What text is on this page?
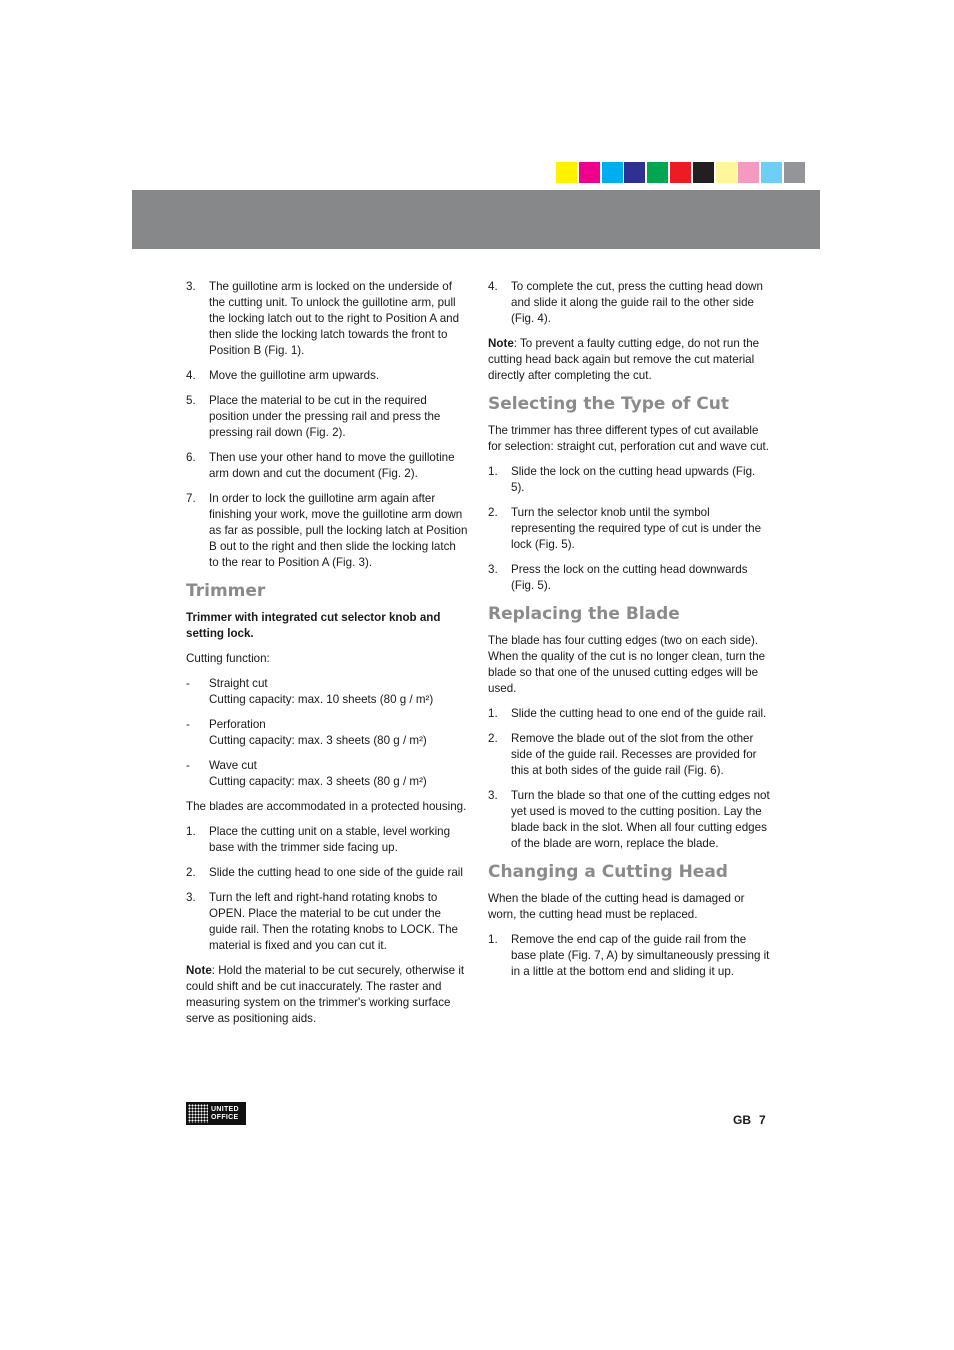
3.	The guillotine arm is locked on the underside of the cutting unit. To unlock the guillotine arm, pull the locking latch out to the right to Position A and then slide the locking latch towards the front to Position B (Fig. 1).
4.	Move the guillotine arm upwards.
5.	Place the material to be cut in the required position under the pressing rail and press the pressing rail down (Fig. 2).
6.	Then use your other hand to move the guillotine arm down and cut the document (Fig. 2).
7.	In order to lock the guillotine arm again after finishing your work, move the guillotine arm down as far as possible, pull the locking latch at Position B out to the right and then slide the locking latch to the rear to Position A (Fig. 3).
Trimmer

Trimmer with integrated cut selector knob and setting lock.

Cutting function:

-	Straight cut
Cutting capacity: max. 10 sheets (80 g / m²)
-	Perforation
Cutting capacity: max. 3 sheets (80 g / m²)
-	Wave cut
Cutting capacity: max. 3 sheets (80 g / m²)

The blades are accommodated in a protected housing.

1.	Place the cutting unit on a stable, level working base with the trimmer side facing up.
2.	Slide the cutting head to one side of the guide rail
3.	Turn the left and right-hand rotating knobs to OPEN. Place the material to be cut under the guide rail. Then the rotating knobs to LOCK. The material is fixed and you can cut it.

Note: Hold the material to be cut securely, otherwise it could shift and be cut inaccurately. The raster and measuring system on the trimmer's working surface serve as positioning aids.

4.	To complete the cut, press the cutting head down and slide it along the guide rail to the other side (Fig. 4).

Note: To prevent a faulty cutting edge, do not run the cutting head back again but remove the cut material directly after completing the cut.

Selecting the Type of Cut

The trimmer has three different types of cut available for selection: straight cut, perforation cut and wave cut.

1.	Slide the lock on the cutting head upwards (Fig. 5).
2.	Turn the selector knob until the symbol representing the required type of cut is under the lock (Fig. 5).
3.	Press the lock on the cutting head downwards (Fig. 5).
Replacing the Blade

The blade has four cutting edges (two on each side). When the quality of the cut is no longer clean, turn the blade so that one of the unused cutting edges will be used.

1.	Slide the cutting head to one end of the guide rail.
2.	Remove the blade out of the slot from the other side of the guide rail. Recesses are provided for this at both sides of the guide rail (Fig. 6).
3.	Turn the blade so that one of the cutting edges not yet used is moved to the cutting position. Lay the blade back in the slot. When all four cutting edges of the blade are worn, replace the blade.
Changing a Cutting Head

When the blade of the cutting head is damaged or worn, the cutting head must be replaced.

1.	Remove the end cap of the guide rail from the base plate (Fig. 7, A) by simultaneously pressing it in a little at the bottom end and sliding it up.
UNITED
OFFICE	GB 7
